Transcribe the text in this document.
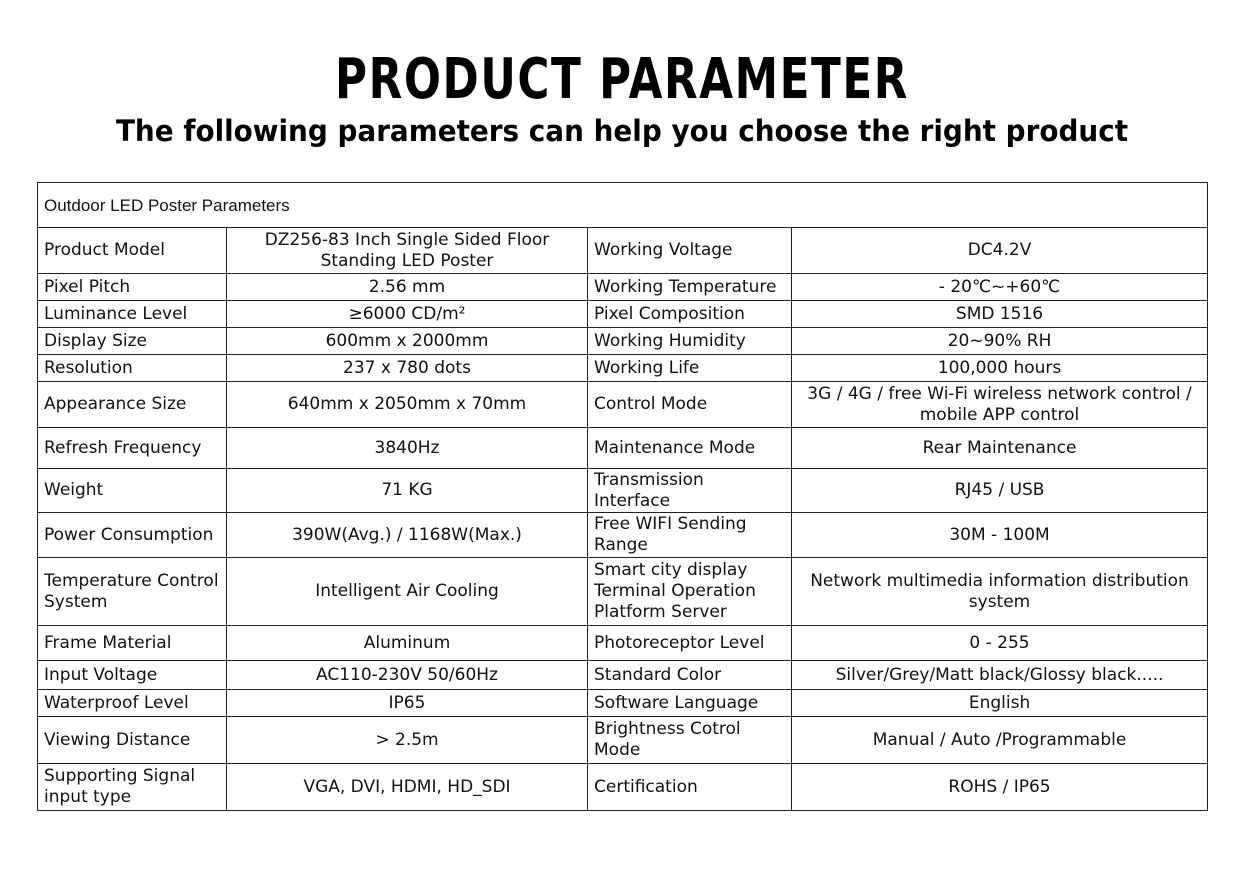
PRODUCT PARAMETER
The following parameters can help you choose the right product
Outdoor LED Poster Parameters			
Product Model	DZ256-83 Inch Single Sided Floor Standing LED Poster	Working Voltage	DC4.2V
Pixel Pitch	2.56 mm	Working Temperature	- 20℃~+60℃
Luminance Level	≥6000 CD/m²	Pixel Composition	SMD 1516
Display Size	600mm x 2000mm	Working Humidity	20~90% RH
Resolution	237 x 780 dots	Working Life	100,000 hours
Appearance Size	640mm x 2050mm x 70mm	Control Mode	3G / 4G / free Wi-Fi wireless network control / mobile APP control
Refresh Frequency	3840Hz	Maintenance Mode	Rear Maintenance
Weight	71 KG	Transmission Interface	RJ45 / USB
Power Consumption	390W(Avg.) / 1168W(Max.)	Free WIFI Sending Range	30M - 100M
Temperature Control System	Intelligent Air Cooling	Smart city display Terminal Operation Platform Server	Network multimedia information distribution system
Frame Material	Aluminum	Photoreceptor Level	0 - 255
Input Voltage	AC110-230V 50/60Hz	Standard Color	Silver/Grey/Matt black/Glossy black.....
Waterproof Level	IP65	Software Language	English
Viewing Distance	> 2.5m	Brightness Cotrol Mode	Manual / Auto /Programmable
Supporting Signal input type	VGA, DVI, HDMI, HD_SDI	Certification	ROHS / IP65
